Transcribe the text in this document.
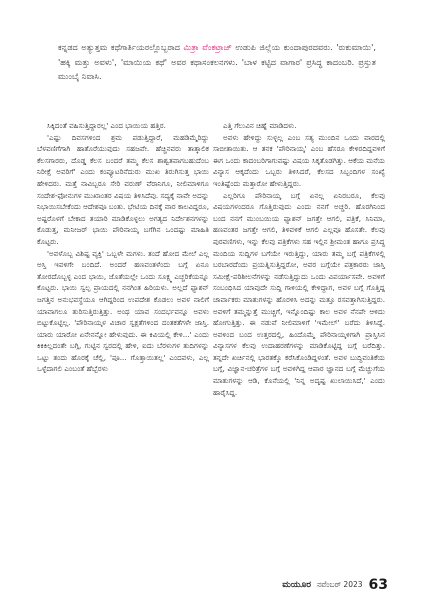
ಕನ್ನಡದ ಅತ್ಯುತ್ತಮ ಕಥೆಗಾರ್ತಿಯರಲ್ಲೊಬ್ಬರಾದ ಮಿತ್ರಾ ವೆಂಕಟ್ರಾಜ್ ಉಡುಪಿ ಜಿಲ್ಲೆಯ ಕುಂದಾಪುರದವರು. 'ರುಕುಮಾಯಿ', 'ಹಕ್ಕಿ ಮತ್ತು ಅವಳು', 'ಮಾಯಿಯ ಕಥೆ' ಅವರ ಕಥಾಸಂಕಲನಗಳು. 'ಬಾಳ ಕಟ್ಟಿದ ವಾಗಾರ' ಪ್ರಸಿದ್ಧ ಕಾದಂಬರಿ. ಪ್ರಸ್ತುತ ಮುಂಬೈ ನಿವಾಸಿ.

ಸಿಕ್ಕಿದಂತೆ ವಹಿಸುತ್ತಿದ್ದಾರಲ್ಲ' ಎಂದ ಭಾಯಿಯ ಹತ್ತಿರ.

'ಎಷ್ಟು ದಿವಸಗಳಿಂದ ಶ್ರಮ ಪಡುತ್ತಿದ್ದಾರೆ, ಮಹಡಿಮ್ಮೆರಿದ್ದು ಬೆಳವಣಿಗೆಗಾಗಿ ಹಾತೊರೆಯುವುದು ಸಹಜವೇ. ಹೆಚ್ಚಿನವರು ತಾತ್ಕಾಲಿಕ ಕೆಲಸಗಾರರು, ದೊಡ್ಡ ಕೆಲಸ ಬಂದರೆ ತಮ್ಮ ಕೆಲಸ ಶಾಶ್ವತವಾಗಬಹುದೆಂಬ ನಿರೀಕ್ಷೆ ಅವರಿಗೆ' ಎಂದು ಕಂಪ್ಯೂಟರಿನೆದುರು ಮುಖ ತಿರುಗಿಸುತ್ತ ಭಾಯಿ ಹೇಳಿದರು. ಮತ್ತೆ ನಾವಿಬ್ಬರೂ ಸೇರಿ ವರುಣ್ ವೆರಾನಿಗೂ, ನೀಲಿಮಾಳಿಗೂ ಸಂದೇಶ-ಫೋನುಗಳ ಮುಖಾಂತರ ವಿಷಯ ತಿಳಿಸಿದೆವು. ಸದ್ಯಕ್ಕೆ ನಾವೇ ಅದನ್ನು ನಿಭಾಯಿಸಬೇಕೆಂದು ಆದೇಶವೂ ಬಂತು. ಭೇಟಿಯ ದಿನಕ್ಕೆ ವಾರ ಕಾಲವಿದ್ದರೂ, ಅಷ್ಟರೊಳಗೆ ಬೇಕಾದ ತಯಾರಿ ಮಾಡಿಕೊಳ್ಳಲು ಅಗತ್ಯದ ನಿರ್ದೇಶನಗಳನ್ನು ಕೊಡುತ್ತ, ಮನೀಜರ್ ಭಾಯಿ ಪೌರಿನಾಯ್ಕ ಬಗೆಗಿನ ಒಂದಷ್ಟು ಮಾಹಿತಿ ಕೊಟ್ಟರು.

'ಅವಳೊಬ್ಬ ವಿಶಿಷ್ಟ ವ್ಯಕ್ತಿ' ಒಬ್ಬಳೇ ಮಗಳು. ತಂದೆ ಹೋದ ಮೇಲೆ ಎಲ್ಲ ಅಸ್ತಿ ಇವಳಿಗೇ ಬಂದಿದೆ. ಅಂದರೆ ಹಣವಂತಳೆಂದು ಬಗ್ಗೆ ಏನೂ ತೋರದೊಬ್ಬಳ್ಳ ಎಂದ ಭಾಯಿ, ಜೊತೆಯಲ್ಲೇ ಒಂದು ಸೂಕ್ಷ್ಮ ಎಚ್ಚರಿಕೆಯನ್ನೂ ಕೊಟ್ಟರು. ಭಾಯಿ ಸ್ವಲ್ಪ ಪ್ರಾಯದಲ್ಲಿ ನನಗಿಂತ ಹಿರಿಯಳು. ಅಲ್ಲದೆ ಫ್ಯಾಶನ್ ಜಗತ್ತಿನ ಅನುಭವಸ್ಥೆಯೂ ಆಗಿದ್ದರಿಂದ ಉಪದೇಶ ಕೊಡಲು ಅವಳ ನಾಲಿಗೆ ಯಾವಾಗಲೂ ತುರಿಸುತ್ತಿರುತ್ತಿತ್ತು. ಅಂಥ ಯಾವ ಸಂದರ್ಭವನ್ನೂ ಅವಳು ಬಿಟ್ಟುಕೊಟ್ಟಿಲ್ಲ. 'ಪೌರಿನಾಯ್ಕಳ ವಿಚಾರ ಸ್ವಕ್ಷತೆಗಳಿಂದ ದಂತಕತೆಗಳೇ ಜಾಸ್ತಿ. ಯಾರು ಯಾರೋ ಏನೇನನ್ನೋ ಹೇಳುವುದು. ಈ ಕಿವಿಯಲ್ಲಿ ಕೇಳಿ...' ಎಂದು ಕಿಕಿಕಿಲ್ಲದಂತೇ ಬಗ್ಗಿ, ಗುಟ್ಟಿನ ಸ್ವರದಲ್ಲಿ ಹೇಳಿ, ಐದು ಬೆರಳುಗಳ ತುದಿಗಳನ್ನು ಒಟ್ಟು ತಂದು ಹೊರಕ್ಕೆ ಚೆಲ್ಲಿ, 'ಪೂ... ಗೊತ್ತಾಯಿತಲ್ಲ' ಎಂದವಳು, ಎಲ್ಲ ಒಳ್ಳೆದಾಗಲಿ ಎಂಬಂತೆ ಹೆಬ್ಬೆರಳು

ಎತ್ತಿ ಗೆಲುವಿನ ಚಿಹ್ನೆ ಮಾಡಿದಳು.

ಅವಳು ಹೇಳಿದ್ದು ಸುಳ್ಳಲ್ಲ ಎಂಬ ಸತ್ಯ ಮುಂದಿನ ಒಂದು ವಾರದಲ್ಲಿ ಸಾಬೀತಾಯಿತು. ಆ ತನಕ 'ಪೌರಿನಾಯ್ಕ' ಎಂಬ ಹೆಸರೂ ಕೇಳಿರದಿದ್ದವಳಿಗೆ ಈಗ ಒಂದು ಕಾದಂಬರಿಗಾಗುವಷ್ಟು ವಿಷಯ ಸಿಕ್ಕತೊಡಗಿತ್ತು. ಆಕೆಯ ಮನೆಯ ವಿನ್ಯಾಸ ಆಕ್ಕದೆಂದು ಒಬ್ಬರು ತಿಳಿಸಿದರೆ, ಕೆಲಸದ ಸಿಬ್ಬಂದಿಗಳ ಸಂಖ್ಯೆ ಇಂತಿಷ್ಟೆಂದು ಮತ್ತಾರೋ ಹೇಳುತ್ತಿದ್ದರು.

ಎಲ್ಲರಿಗೂ ಪೌರಿನಾಯ್ಕ ಬಗ್ಗೆ ಏನಲ್ಲ ಏನಿರಬರೂ, ಕೆಲವು ವಿಷಯಗಳಂದರೂ ಗೊತ್ತಿರುವುದು ಎಂದು ನನಗೆ ಅಚ್ಚರಿ. ಹೊರಗಿನಿಂದ ಬಂದ ನನಗೆ ಮುಂಬಯಿಯ ಫ್ಯಾಶನ್ ಜಗತ್ತೇ ಆಗಲಿ, ಪತ್ರಿಕೆ, ಸಿನಿಮಾ, ಹಣವಂತರ ಜಗತ್ತೇ ಆಗಲಿ, ತಿಳಿವಳಿಕೆ ಆಗಲಿ ಎಲ್ಲವೂ ಹೊಸತೇ. ಕೆಲವು ಪುರವಣಿಗಳು, ಇನ್ನು ಕೆಲವು ಪತ್ರಿಕೆಗಳು ಸಹ ಇಲ್ಲಿನ ಶ್ರೀಮಂತ ಹಾಗೂ ಪ್ರಸಿದ್ಧ ಮಂದಿಯ ಸುದ್ದಿಗಳ ಬಗೆಯೇ ಇರುತ್ತಿದ್ದು, ಯಾರು ತಮ್ಮ ಬಗ್ಗೆ ಪತ್ರಿಕೆಗಳಲ್ಲಿ ಬರಬಾರದೆಂದು ಪ್ರಯತ್ನಿಸುತ್ತಿದ್ದರೋ, ಅವರ ಬಗ್ಗೆಯೇ ಪತ್ರಕಾರರು ಜಾಸ್ತಿ ಸಮೀಕ್ಷೆ-ಪರಿಶೀಲನೆಗಳನ್ನು ನಡೆಸುತ್ತಿದ್ದುದು ಒಂದು ವಿಪರ್ಯಾಸವೇ. ಅವಳಿಗೆ ಸಂಬಂಧಿಸಿದ ಯಾವುದೇ ಸುದ್ದಿ ಗಾಳಿಯಲ್ಲಿ ಕೇಳಿದ್ದಾಗ, ಅವಳ ಬಗ್ಗೆ ಗೊತ್ತಿದ್ದ ಚಾರ್ವಾಕರು ಮಾತುಗಳನ್ನು ಹೊರಳಿಸಿ ಅದನ್ನು ಮತ್ತೂ ರಸವತ್ತಾಗಿಸುತ್ತಿದ್ದರು. ಅವಳಿಗೆ ತಮ್ಮನ್ನುತ್ತೆ ಮುಚ್ಚಿಗೆ, ಇನ್ನೊಂದಿಷ್ಟು ಕಾಲ ಅವಳ ನೆನಪೇ ಆಳಿದು ಹೋಗುತ್ತಿತ್ತು. ಈ ನಡುವೆ ನೀಲಿಮಾಳಿಗೆ 'ಇಮೇಲ್' ಬರೆದು ತಿಳಿಸಿದ್ದೆ. ಅವಳಿಂದ ಬಂದ ಉತ್ತರದಲ್ಲಿ, ಹಿಂದೊಮ್ಮೆ ಪೌರಿನಾಯ್ಕಳಿಗಾಗಿ ಪ್ರಾಸ್ತಿಸಿನ ವಿನ್ಯಾಸಗಳ ಕೆಲವು ಉದಾಹರಣೆಗಳನ್ನು ಮಾಡಿಕೊಟ್ಟಿದ್ದ ಬಗ್ಗೆ ಬರೆದಿತ್ತು. ತನ್ನದೇ ಖರ್ಚಿನಲ್ಲಿ ಭಾರತಕ್ಕೊ ಕರೆಸಿಕೊಂಡಿದ್ದಳಂತೆ. ಅವಳ ಬುದ್ಧಿವಂತಿಕೆಯ ಬಗ್ಗೆ, ವಿಜ್ಞಾನ-ಚರಿತ್ರೆಗಳ ಬಗ್ಗೆ ಅವಳಿಗಿದ್ದ ಆಪಾರ ಜ್ಞಾನದ ಬಗ್ಗೆ ಮೆಚ್ಚುಗೆಯ ಮಾತುಗಳನ್ನು ಆಡಿ, ಕೊನೆಯಲ್ಲಿ 'ನಿನ್ನ ಅದೃಷ್ಟ ಖುಲಾಯಿಸಿದೆ,' ಎಂದು ಹಾರೈಸಿದ್ದ.

ಮಯೂರ ನವೆಂಬರ್ 2023 63
